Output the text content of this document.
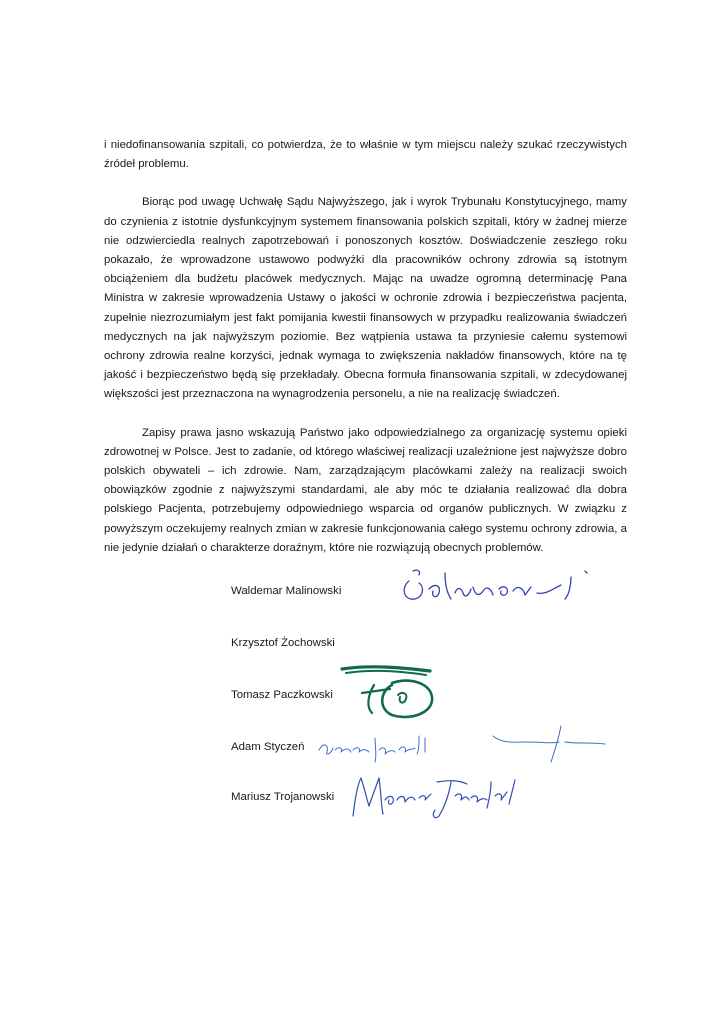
i niedofinansowania szpitali, co potwierdza, że to właśnie w tym miejscu należy szukać rzeczywistych źródeł problemu.

Biorąc pod uwagę Uchwałę Sądu Najwyższego, jak i wyrok Trybunału Konstytucyjnego, mamy do czynienia z istotnie dysfunkcyjnym systemem finansowania polskich szpitali, który w żadnej mierze nie odzwierciedla realnych zapotrzebowań i ponoszonych kosztów. Doświadczenie zeszłego roku pokazało, że wprowadzone ustawowo podwyżki dla pracowników ochrony zdrowia są istotnym obciążeniem dla budżetu placówek medycznych. Mając na uwadze ogromną determinację Pana Ministra w zakresie wprowadzenia Ustawy o jakości w ochronie zdrowia i bezpieczeństwa pacjenta, zupełnie niezrozumiałym jest fakt pomijania kwestii finansowych w przypadku realizowania świadczeń medycznych na jak najwyższym poziomie. Bez wątpienia ustawa ta przyniesie całemu systemowi ochrony zdrowia realne korzyści, jednak wymaga to zwiększenia nakładów finansowych, które na tę jakość i bezpieczeństwo będą się przekładały. Obecna formuła finansowania szpitali, w zdecydowanej większości jest przeznaczona na wynagrodzenia personelu, a nie na realizację świadczeń.

Zapisy prawa jasno wskazują Państwo jako odpowiedzialnego za organizację systemu opieki zdrowotnej w Polsce. Jest to zadanie, od którego właściwej realizacji uzależnione jest najwyższe dobro polskich obywateli – ich zdrowie. Nam, zarządzającym placówkami zależy na realizacji swoich obowiązków zgodnie z najwyższymi standardami, ale aby móc te działania realizować dla dobra polskiego Pacjenta, potrzebujemy odpowiedniego wsparcia od organów publicznych. W związku z powyższym oczekujemy realnych zmian w zakresie funkcjonowania całego systemu ochrony zdrowia, a nie jedynie działań o charakterze doraźnym, które nie rozwiązują obecnych problemów.

Waldemar Malinowski
Krzysztof Żochowski
Tomasz Paczkowski
Adam Styczeń
Mariusz Trojanowski
